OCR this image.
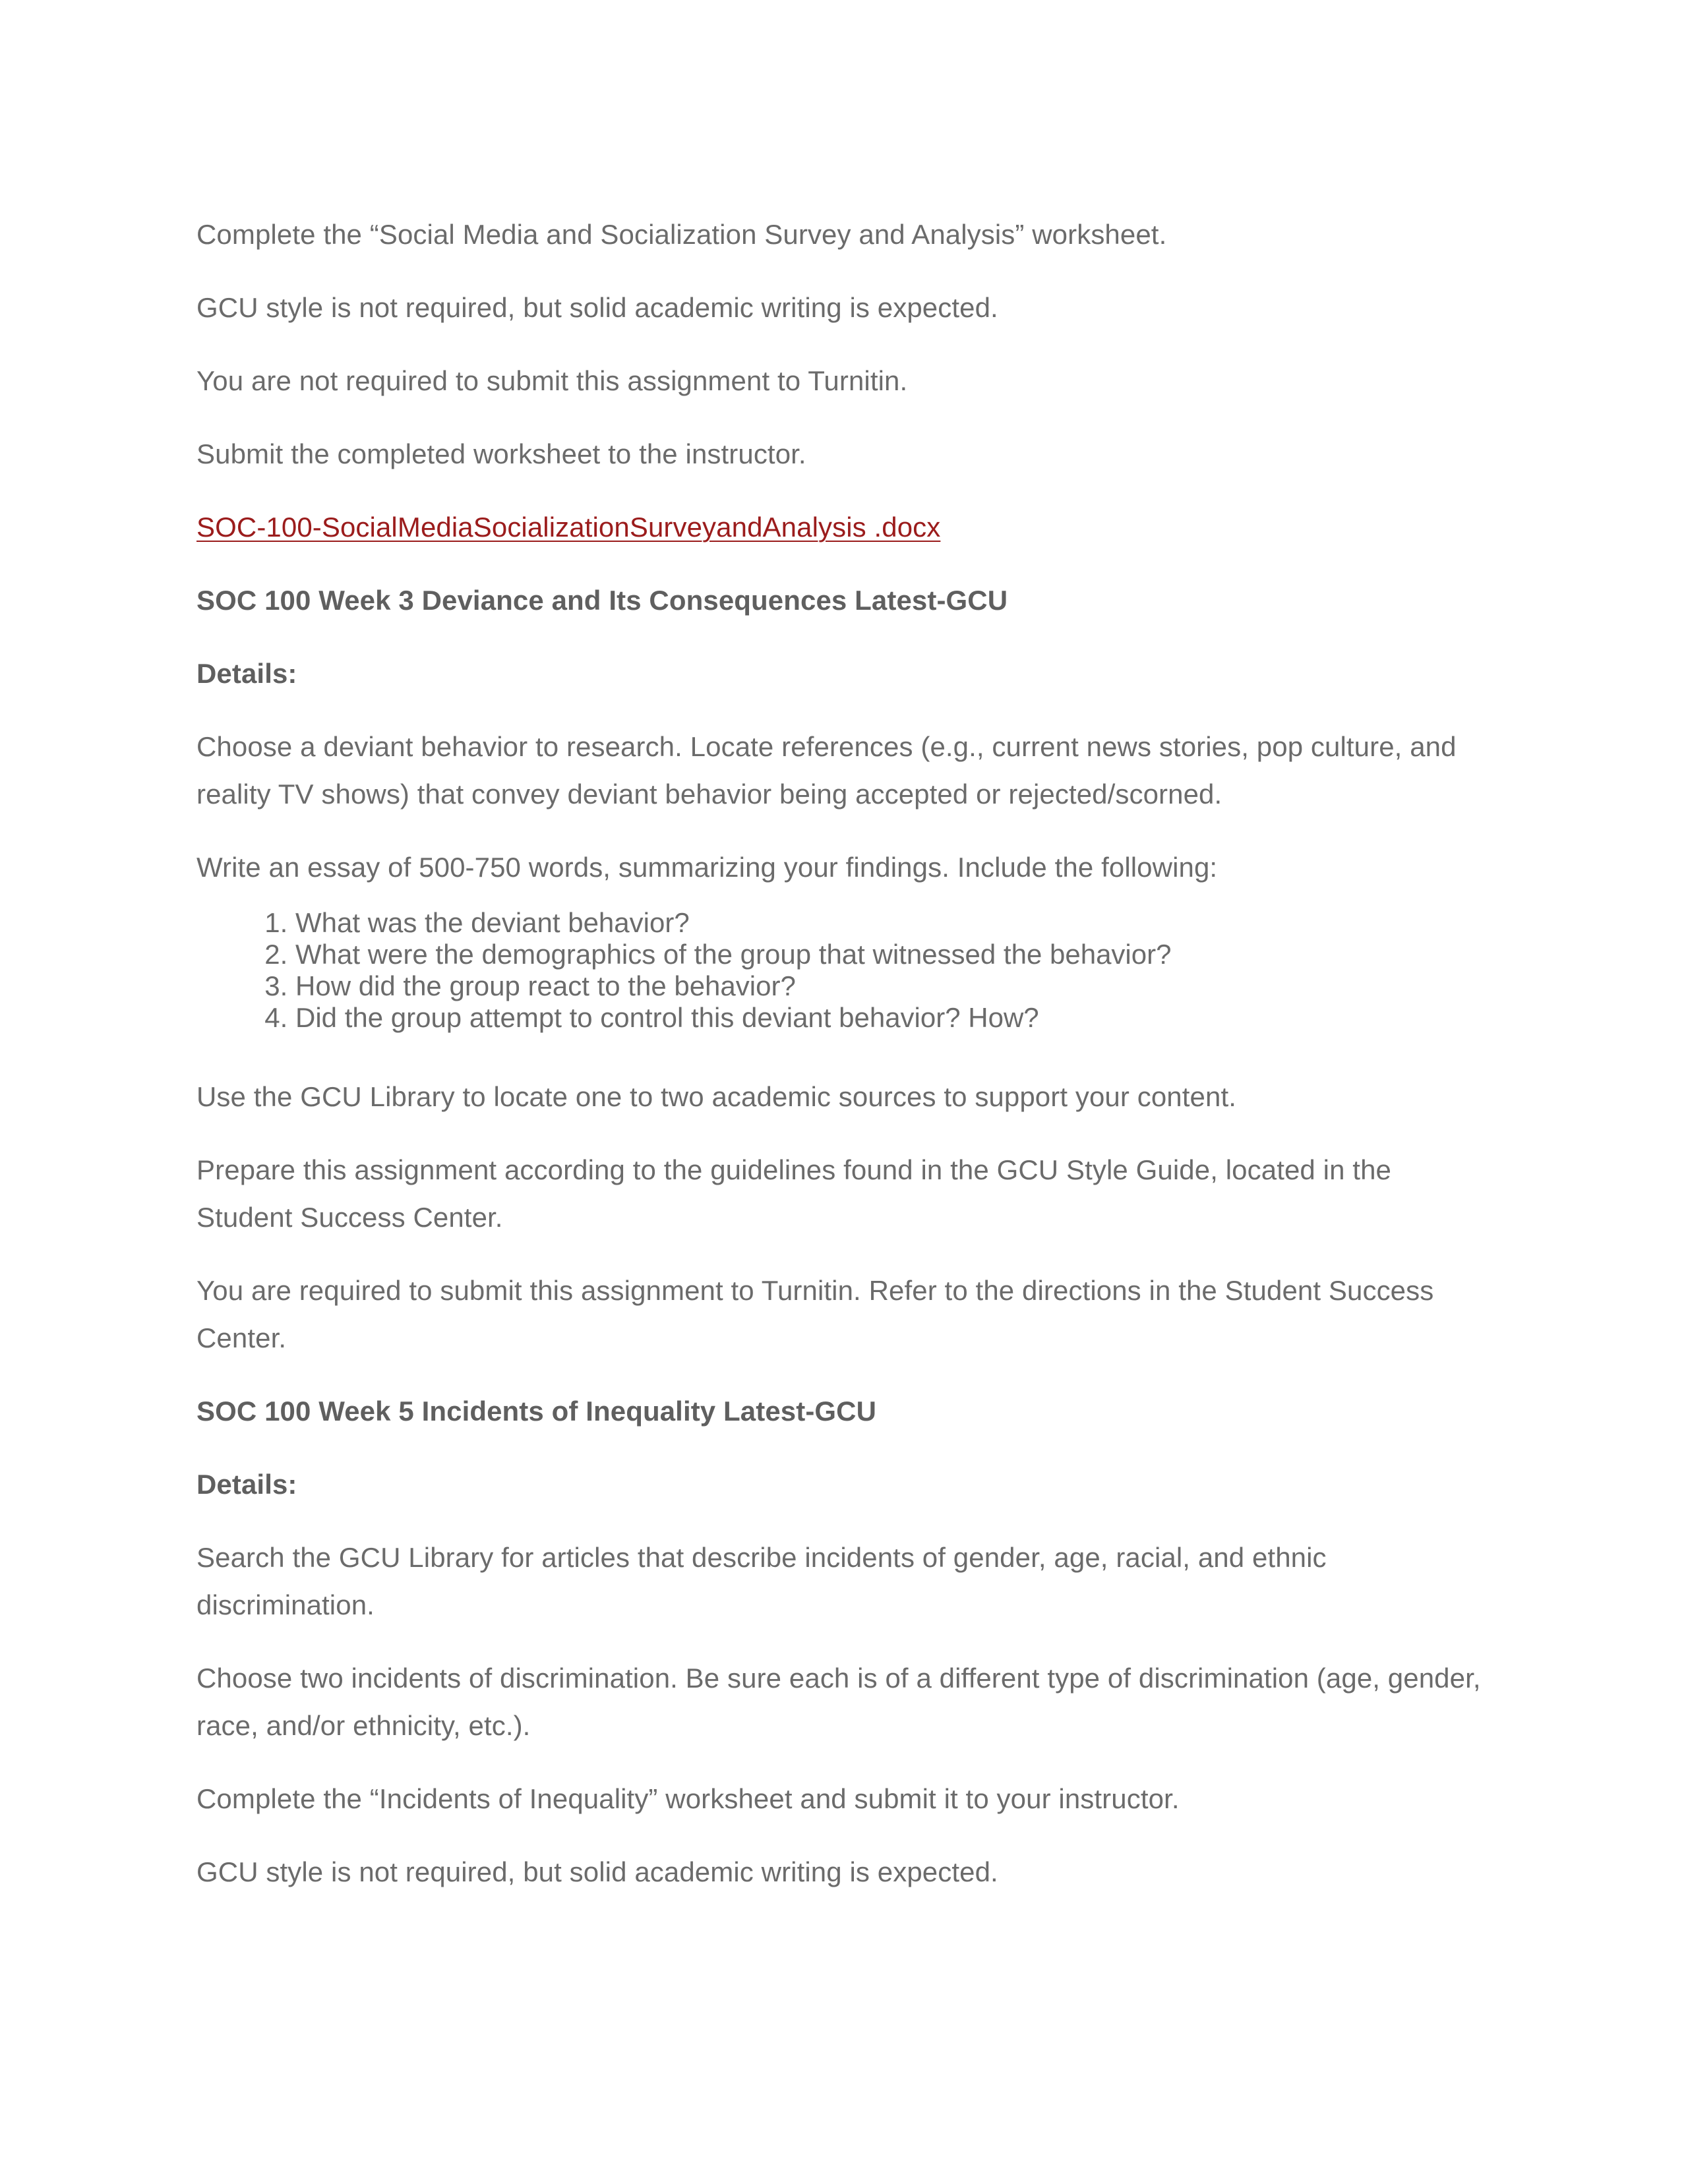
Complete the “Social Media and Socialization Survey and Analysis” worksheet.

GCU style is not required, but solid academic writing is expected.

You are not required to submit this assignment to Turnitin.

Submit the completed worksheet to the instructor.

SOC-100-SocialMediaSocializationSurveyandAnalysis .docx

SOC 100 Week 3 Deviance and Its Consequences Latest-GCU

Details:

Choose a deviant behavior to research. Locate references (e.g., current news stories, pop culture, and reality TV shows) that convey deviant behavior being accepted or rejected/scorned.

Write an essay of 500-750 words, summarizing your findings. Include the following:

1. What was the deviant behavior?
2. What were the demographics of the group that witnessed the behavior?
3. How did the group react to the behavior?
4. Did the group attempt to control this deviant behavior? How?

Use the GCU Library to locate one to two academic sources to support your content.

Prepare this assignment according to the guidelines found in the GCU Style Guide, located in the Student Success Center.

You are required to submit this assignment to Turnitin. Refer to the directions in the Student Success Center.

SOC 100 Week 5 Incidents of Inequality Latest-GCU

Details:

Search the GCU Library for articles that describe incidents of gender, age, racial, and ethnic discrimination.

Choose two incidents of discrimination. Be sure each is of a different type of discrimination (age, gender, race, and/or ethnicity, etc.).

Complete the “Incidents of Inequality” worksheet and submit it to your instructor.

GCU style is not required, but solid academic writing is expected.
